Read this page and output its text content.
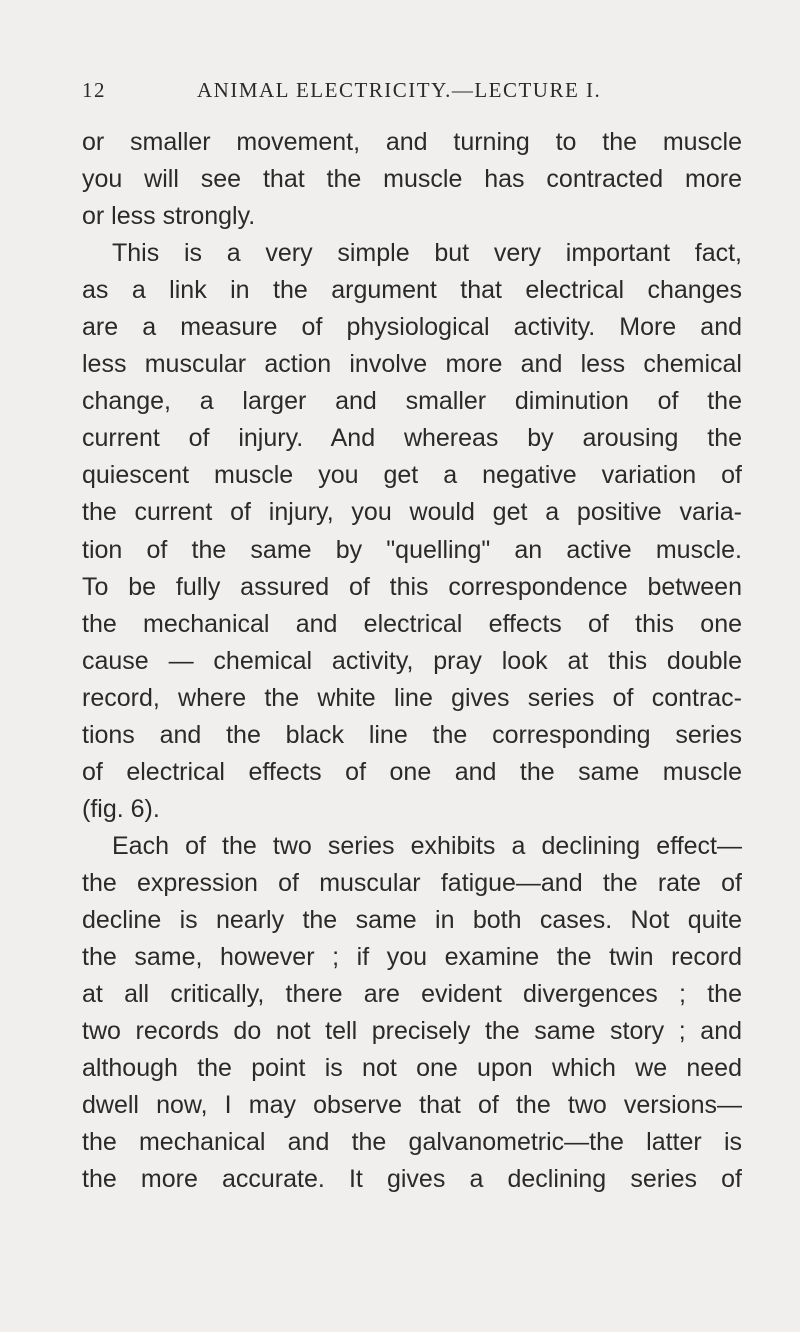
12	ANIMAL ELECTRICITY.—LECTURE I.
or smaller movement, and turning to the muscle
you will see that the muscle has contracted more
or less strongly.
This is a very simple but very important fact,
as a link in the argument that electrical changes
are a measure of physiological activity. More and
less muscular action involve more and less chemical
change, a larger and smaller diminution of the
current of injury. And whereas by arousing the
quiescent muscle you get a negative variation of
the current of injury, you would get a positive varia-
tion of the same by "quelling" an active muscle.
To be fully assured of this correspondence between
the mechanical and electrical effects of this one
cause — chemical activity, pray look at this double
record, where the white line gives series of contrac-
tions and the black line the corresponding series
of electrical effects of one and the same muscle
(fig. 6).
Each of the two series exhibits a declining effect—
the expression of muscular fatigue—and the rate of
decline is nearly the same in both cases. Not quite
the same, however ; if you examine the twin record
at all critically, there are evident divergences ; the
two records do not tell precisely the same story ; and
although the point is not one upon which we need
dwell now, I may observe that of the two versions—
the mechanical and the galvanometric—the latter is
the more accurate. It gives a declining series of
